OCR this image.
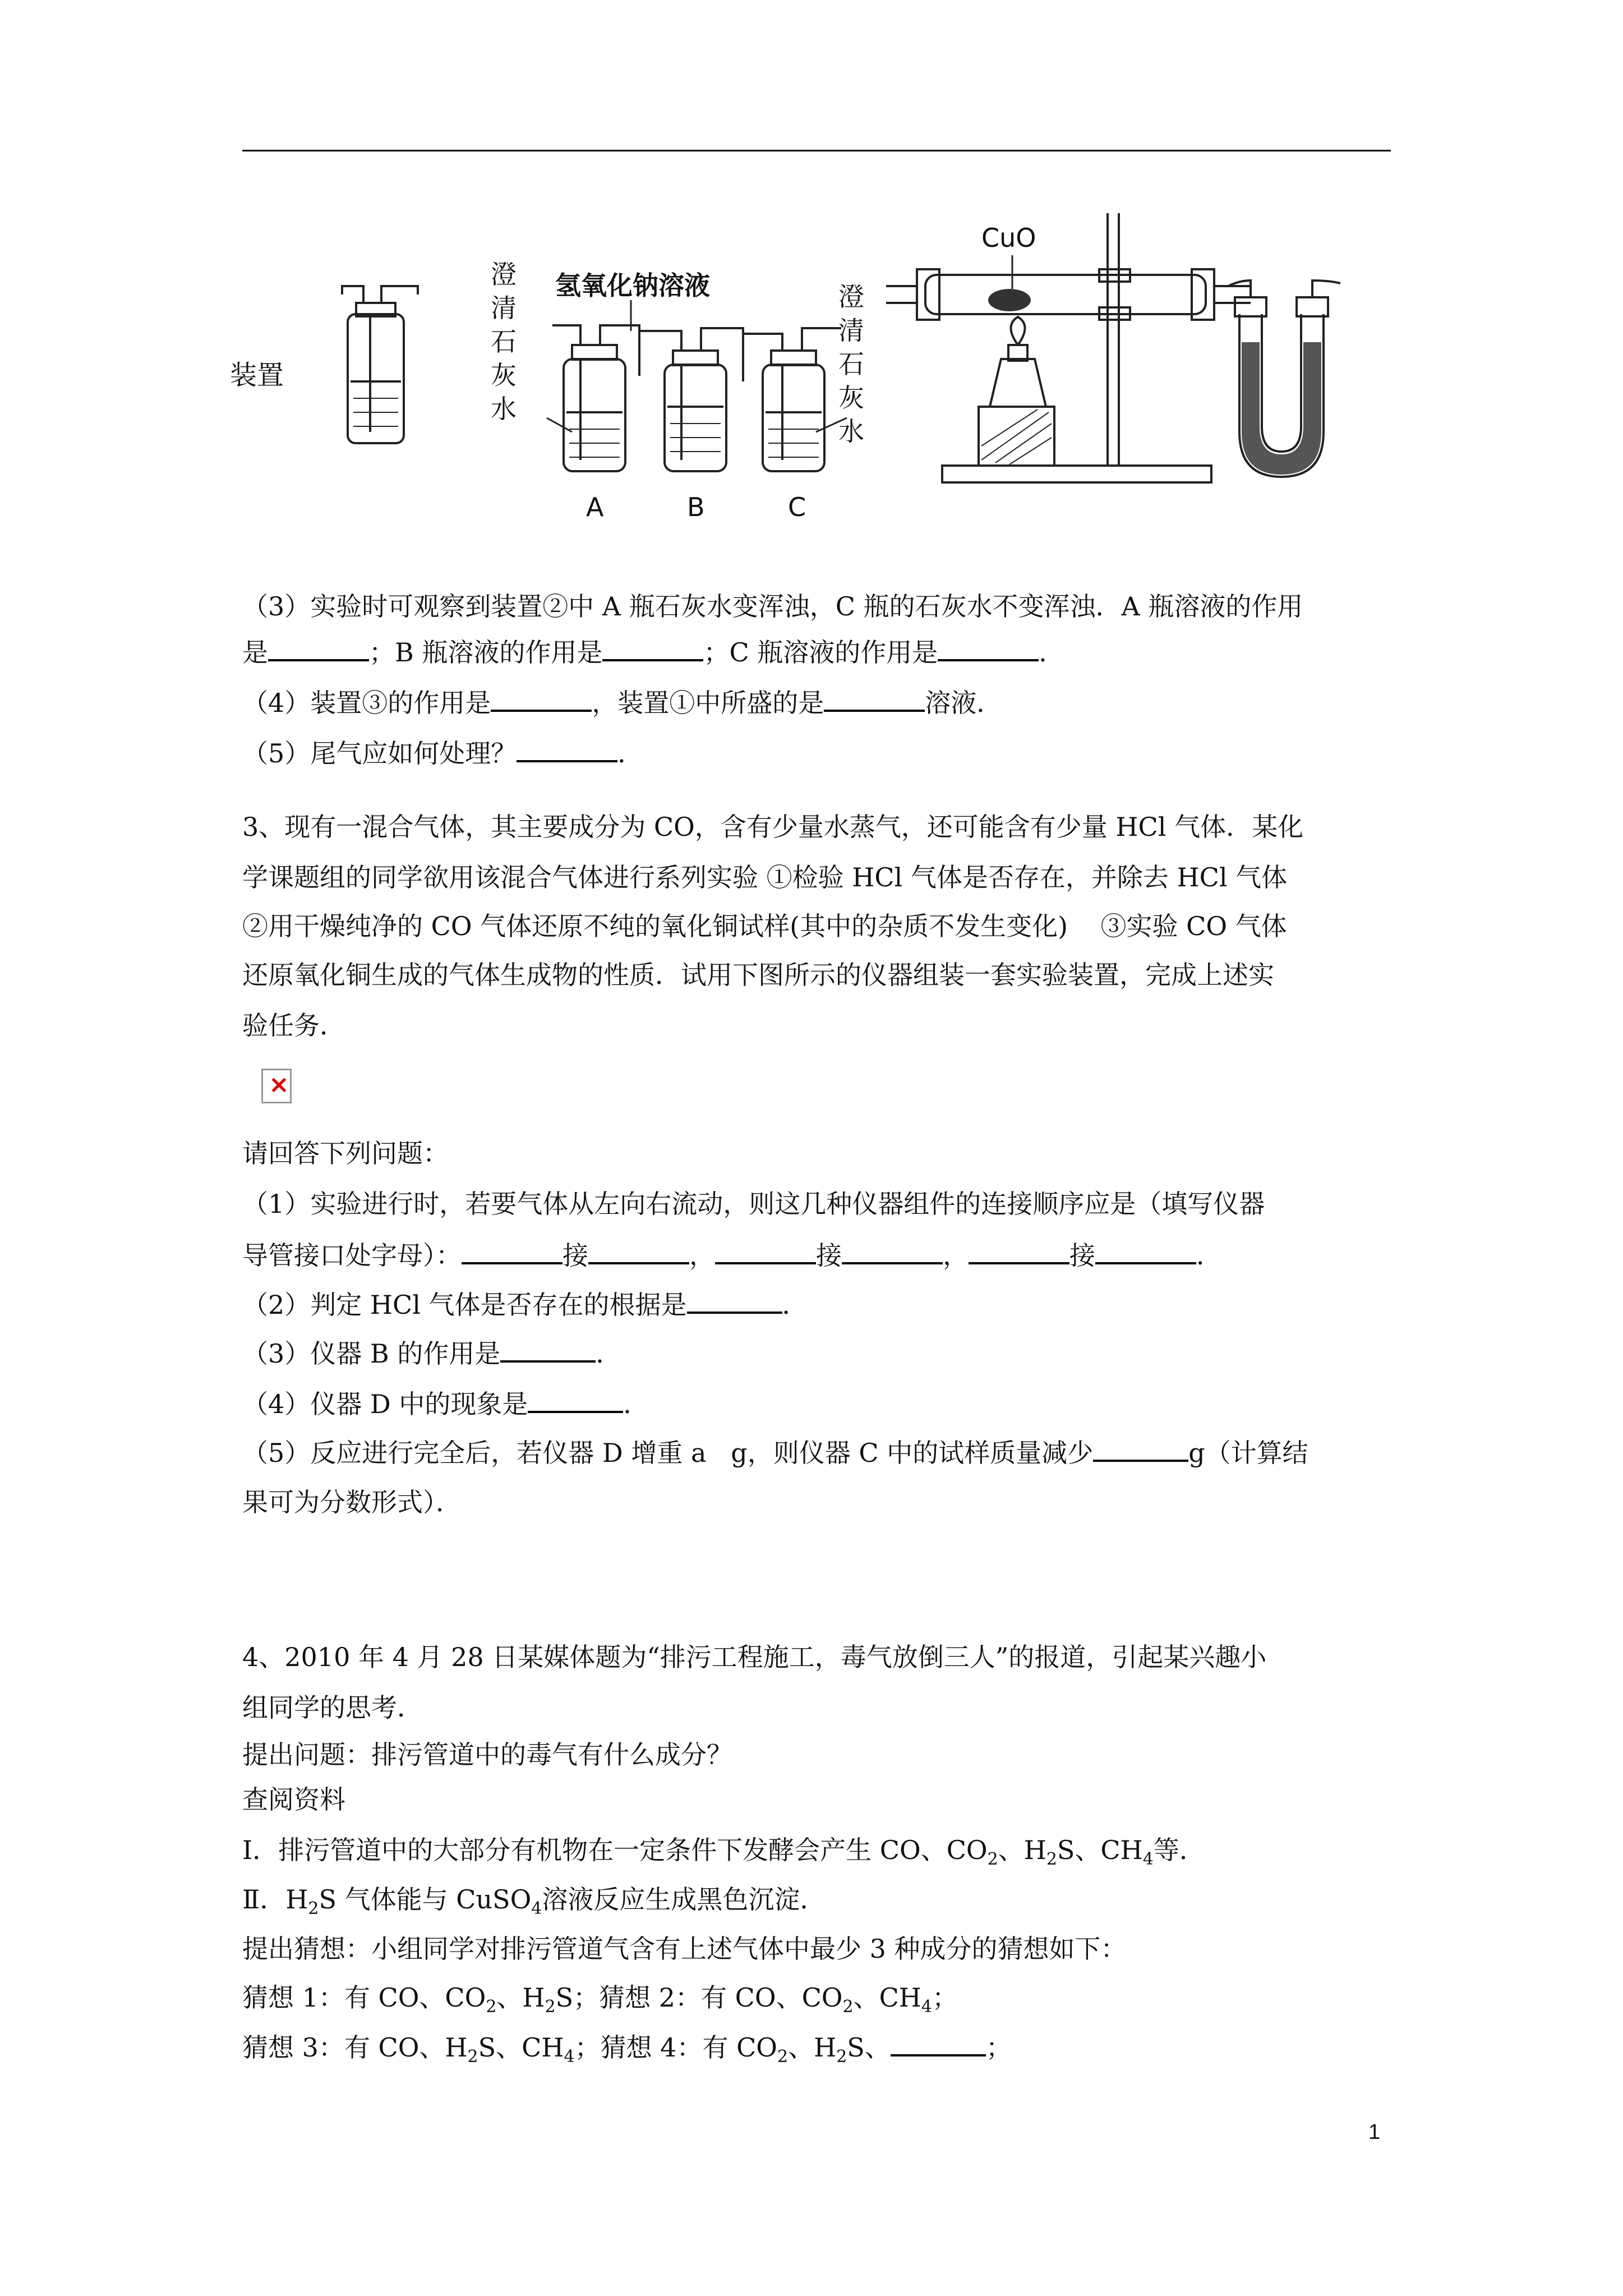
装置
澄
清
石
灰
水
氢氧化钠溶液	澄
清
石
灰
水
A	B	C
CuO
（3）实验时可观察到装置②中 A 瓶石灰水变浑浊，C 瓶的石灰水不变浑浊．A 瓶溶液的作用
是	；B 瓶溶液的作用是	；C 瓶溶液的作用是	．
（4）装置③的作用是	，装置①中所盛的是	溶液．
（5）尾气应如何处理？	．
3、现有一混合气体，其主要成分为 CO，含有少量水蒸气，还可能含有少量 HCl 气体．某化
学课题组的同学欲用该混合气体进行系列实验 ①检验 HCl 气体是否存在，并除去 HCl 气体
②用干燥纯净的 CO 气体还原不纯的氧化铜试样(其中的杂质不发生变化)    ③实验 CO 气体
还原氧化铜生成的气体生成物的性质．试用下图所示的仪器组装一套实验装置，完成上述实
验任务．
×
请回答下列问题：
（1）实验进行时，若要气体从左向右流动，则这几种仪器组件的连接顺序应是（填写仪器
导管接口处字母）：	接	，	接	，	接	．
（2）判定 HCl 气体是否存在的根据是	．
（3）仪器 B 的作用是	．
（4）仪器 D 中的现象是	．
（5）反应进行完全后，若仪器 D 增重 a   g，则仪器 C 中的试样质量减少	g（计算结
果可为分数形式）．
4、2010 年 4 月 28 日某媒体题为“排污工程施工，毒气放倒三人”的报道，引起某兴趣小
组同学的思考．
提出问题：排污管道中的毒气有什么成分？
查阅资料
Ⅰ．排污管道中的大部分有机物在一定条件下发酵会产生 CO、$CO_2$、$H_2S$、$CH_4$等．
Ⅱ．$H_2S$ 气体能与 CuSO$_4$溶液反应生成黑色沉淀．
提出猜想：小组同学对排污管道气含有上述气体中最少 3 种成分的猜想如下：
猜想 1：有 CO、$CO_2$、$H_2S$；猜想 2：有 CO、$CO_2$、$CH_4$；
猜想 3：有 CO、$H_2S$、$CH_4$；猜想 4：有 $CO_2$、$H_2S$、	；
1
